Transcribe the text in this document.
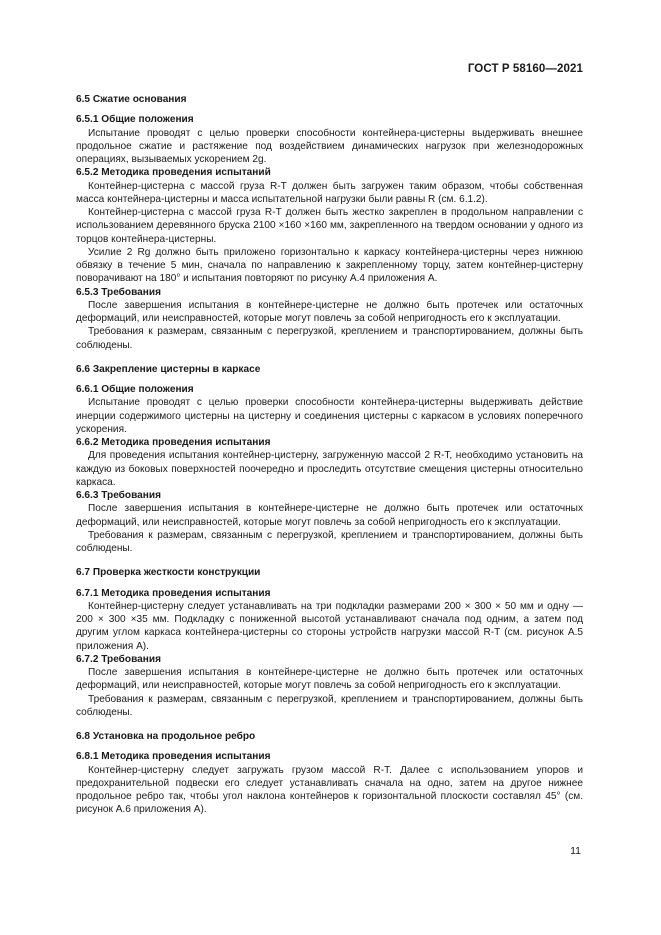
ГОСТ Р 58160—2021
6.5 Сжатие основания
6.5.1 Общие положения

Испытание проводят с целью проверки способности контейнера-цистерны выдерживать внешнее продольное сжатие и растяжение под воздействием динамических нагрузок при железнодорожных операциях, вызываемых ускорением 2g.

6.5.2 Методика проведения испытаний

Контейнер-цистерна с массой груза R-T должен быть загружен таким образом, чтобы собственная масса контейнера-цистерны и масса испытательной нагрузки были равны R (см. 6.1.2).

Контейнер-цистерна с массой груза R-T должен быть жестко закреплен в продольном направлении с использованием деревянного бруска 2100 ×160 ×160 мм, закрепленного на твердом основании у одного из торцов контейнера-цистерны.

Усилие 2 Rg должно быть приложено горизонтально к каркасу контейнера-цистерны через нижнюю обвязку в течение 5 мин, сначала по направлению к закрепленному торцу, затем контейнер-цистерну поворачивают на 180° и испытания повторяют по рисунку А.4 приложения А.

6.5.3 Требования

После завершения испытания в контейнере-цистерне не должно быть протечек или остаточных деформаций, или неисправностей, которые могут повлечь за собой непригодность его к эксплуатации.

Требования к размерам, связанным с перегрузкой, креплением и транспортированием, должны быть соблюдены.

6.6 Закрепление цистерны в каркасе
6.6.1 Общие положения

Испытание проводят с целью проверки способности контейнера-цистерны выдерживать действие инерции содержимого цистерны на цистерну и соединения цистерны с каркасом в условиях поперечного ускорения.

6.6.2 Методика проведения испытания

Для проведения испытания контейнер-цистерну, загруженную массой 2 R-T, необходимо установить на каждую из боковых поверхностей поочередно и проследить отсутствие смещения цистерны относительно каркаса.

6.6.3 Требования

После завершения испытания в контейнере-цистерне не должно быть протечек или остаточных деформаций, или неисправностей, которые могут повлечь за собой непригодность его к эксплуатации.

Требования к размерам, связанным с перегрузкой, креплением и транспортированием, должны быть соблюдены.

6.7 Проверка жесткости конструкции
6.7.1 Методика проведения испытания

Контейнер-цистерну следует устанавливать на три подкладки размерами 200 × 300 × 50 мм и одну — 200 × 300 ×35 мм. Подкладку с пониженной высотой устанавливают сначала под одним, а затем под другим углом каркаса контейнера-цистерны со стороны устройств нагрузки массой R-T (см. рисунок А.5 приложения А).

6.7.2 Требования

После завершения испытания в контейнере-цистерне не должно быть протечек или остаточных деформаций, или неисправностей, которые могут повлечь за собой непригодность его к эксплуатации.

Требования к размерам, связанным с перегрузкой, креплением и транспортированием, должны быть соблюдены.

6.8 Установка на продольное ребро
6.8.1 Методика проведения испытания

Контейнер-цистерну следует загружать грузом массой R-T. Далее с использованием упоров и предохранительной подвески его следует устанавливать сначала на одно, затем на другое нижнее продольное ребро так, чтобы угол наклона контейнеров к горизонтальной плоскости составлял 45° (см. рисунок А.6 приложения А).

11
